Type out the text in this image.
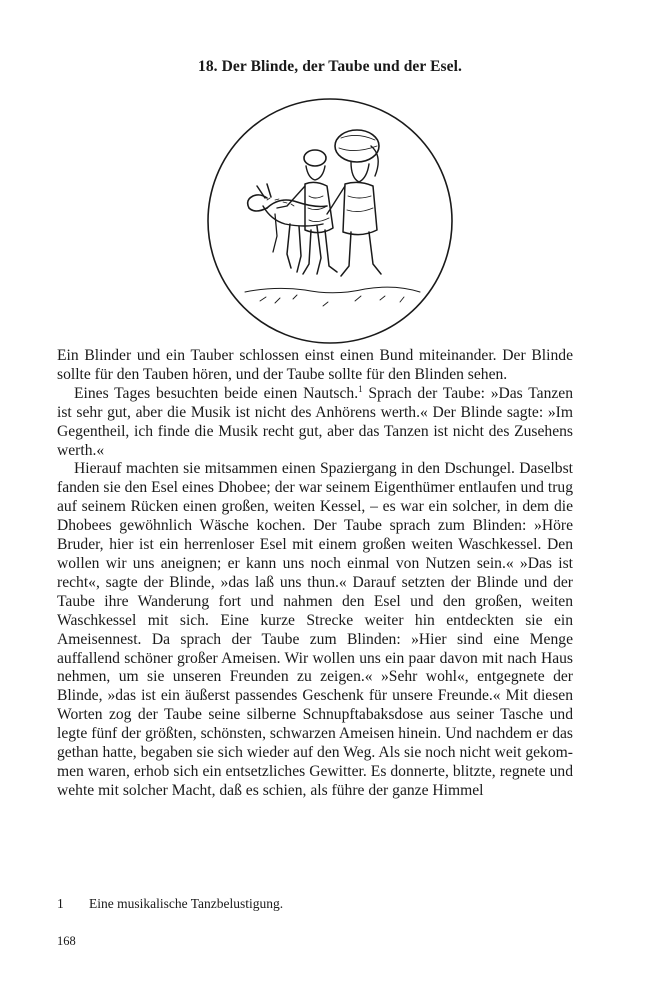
18. Der Blinde, der Taube und der Esel.

Ein Blinder und ein Tauber schlossen einst einen Bund miteinander. Der Blinde sollte für den Tauben hören, und der Taube sollte für den Blinden sehen.

Eines Tages besuchten beide einen Nautsch.$^1$ Sprach der Taube: »Das Tanzen ist sehr gut, aber die Musik ist nicht des Anhörens werth.« Der Blinde sagte: »Im Gegentheil, ich finde die Musik recht gut, aber das Tanzen ist nicht des Zusehens werth.«

Hierauf machten sie mitsammen einen Spaziergang in den Dschungel. Daselbst fanden sie den Esel eines Dhobee; der war seinem Eigenthümer entlaufen und trug auf seinem Rücken einen großen, weiten Kessel, – es war ein solcher, in dem die Dhobees gewöhnlich Wäsche kochen. Der Taube sprach zum Blinden: »Höre Bruder, hier ist ein herrenloser Esel mit einem großen weiten Waschkessel. Den wollen wir uns aneignen; er kann uns noch einmal von Nutzen sein.« »Das ist recht«, sagte der Blinde, »das laß uns thun.« Darauf setzten der Blinde und der Taube ihre Wanderung fort und nahmen den Esel und den großen, weiten Waschkessel mit sich. Eine kurze Strecke weiter hin entdeckten sie ein Ameisennest. Da sprach der Taube zum Blinden: »Hier sind eine Menge auffallend schöner großer Ameisen. Wir wollen uns ein paar davon mit nach Haus nehmen, um sie unseren Freunden zu zeigen.« »Sehr wohl«, entgegnete der Blinde, »das ist ein äußerst passendes Geschenk für unsere Freunde.« Mit diesen Worten zog der Taube seine silberne Schnupftabaksdose aus seiner Tasche und legte fünf der größten, schönsten, schwarzen Ameisen hinein. Und nachdem er das gethan hatte, begaben sie sich wieder auf den Weg. Als sie noch nicht weit gekommen waren, erhob sich ein entsetzliches Gewitter. Es donnerte, blitzte, regnete und wehte mit solcher Macht, daß es schien, als führe der ganze Himmel

1 Eine musikalische Tanzbelustigung.
168
